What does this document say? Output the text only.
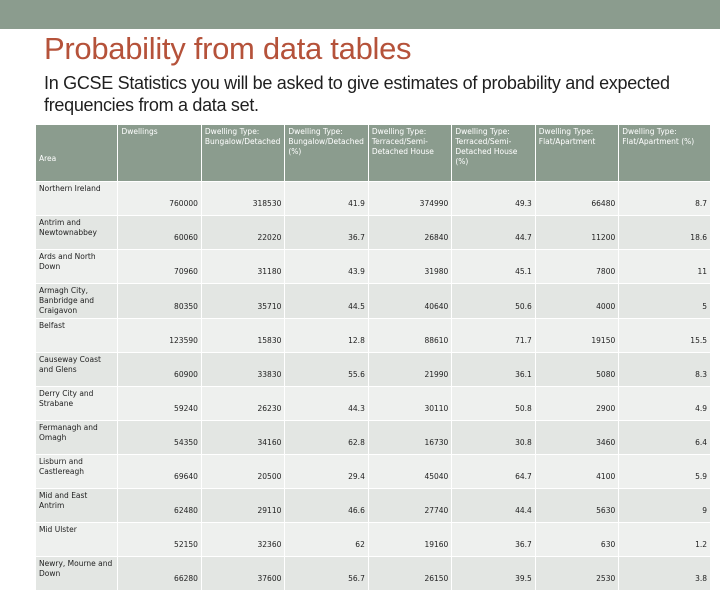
Probability from data tables
In GCSE Statistics you will be asked to give estimates of probability and expected frequencies from a data set.
Area	Dwellings	Dwelling Type: Bungalow/Detached	Dwelling Type: Bungalow/Detached (%)	Dwelling Type: Terraced/Semi-Detached House	Dwelling Type: Terraced/Semi-Detached House (%)	Dwelling Type: Flat/Apartment	Dwelling Type: Flat/Apartment (%)
Northern Ireland	760000	318530	41.9	374990	49.3	66480	8.7
Antrim and Newtownabbey	60060	22020	36.7	26840	44.7	11200	18.6
Ards and North Down	70960	31180	43.9	31980	45.1	7800	11
Armagh City, Banbridge and Craigavon	80350	35710	44.5	40640	50.6	4000	5
Belfast	123590	15830	12.8	88610	71.7	19150	15.5
Causeway Coast and Glens	60900	33830	55.6	21990	36.1	5080	8.3
Derry City and Strabane	59240	26230	44.3	30110	50.8	2900	4.9
Fermanagh and Omagh	54350	34160	62.8	16730	30.8	3460	6.4
Lisburn and Castlereagh	69640	20500	29.4	45040	64.7	4100	5.9
Mid and East Antrim	62480	29110	46.6	27740	44.4	5630	9
Mid Ulster	52150	32360	62	19160	36.7	630	1.2
Newry, Mourne and Down	66280	37600	56.7	26150	39.5	2530	3.8
